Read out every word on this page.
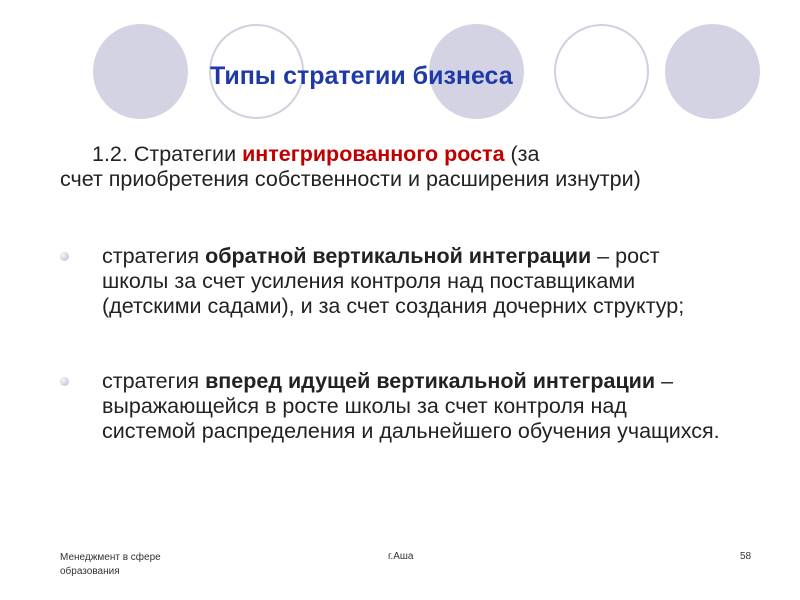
Типы стратегии бизнеса
1.2. Стратегии интегрированного роста (за
счет приобретения собственности и расширения изнутри)
стратегия обратной вертикальной интеграции – рост школы за счет усиления контроля над поставщиками (детскими садами), и за счет создания дочерних структур;
стратегия вперед идущей вертикальной интеграции – выражающейся в росте школы за счет контроля над системой распределения и дальнейшего обучения учащихся.
Менеджмент в сфере образования
г.Аша	58
